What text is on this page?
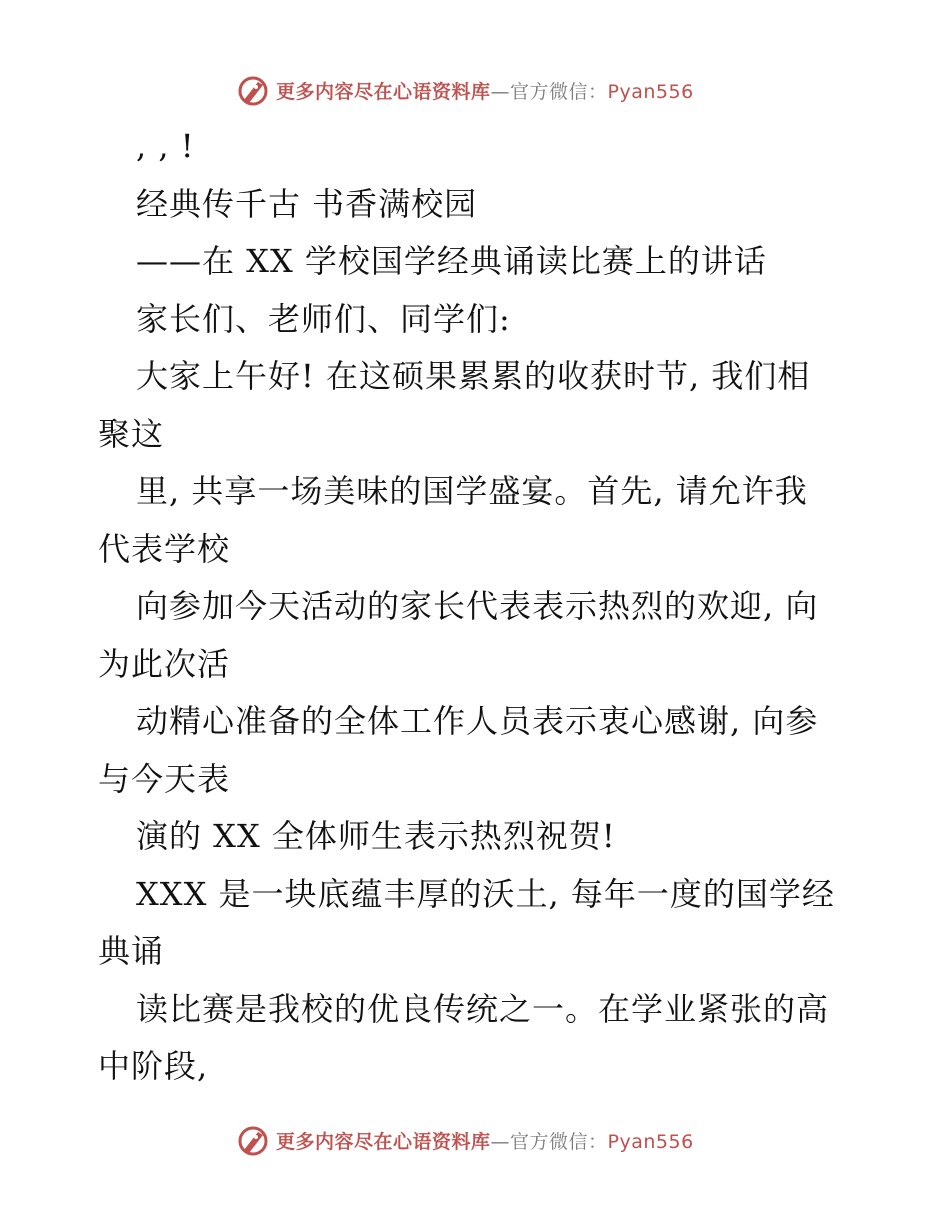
更多内容尽在心语资料库—官方微信：Pyan556
, , !
经典传千古 书香满校园
——在 XX 学校国学经典诵读比赛上的讲话
家长们、老师们、同学们:
大家上午好! 在这硕果累累的收获时节, 我们相
聚这
里, 共享一场美味的国学盛宴。首先, 请允许我
代表学校
向参加今天活动的家长代表表示热烈的欢迎, 向
为此次活
动精心准备的全体工作人员表示衷心感谢, 向参
与今天表
演的 XX 全体师生表示热烈祝贺!
XXX 是一块底蕴丰厚的沃土, 每年一度的国学经
典诵
读比赛是我校的优良传统之一。在学业紧张的高
中阶段,
更多内容尽在心语资料库—官方微信：Pyan556
